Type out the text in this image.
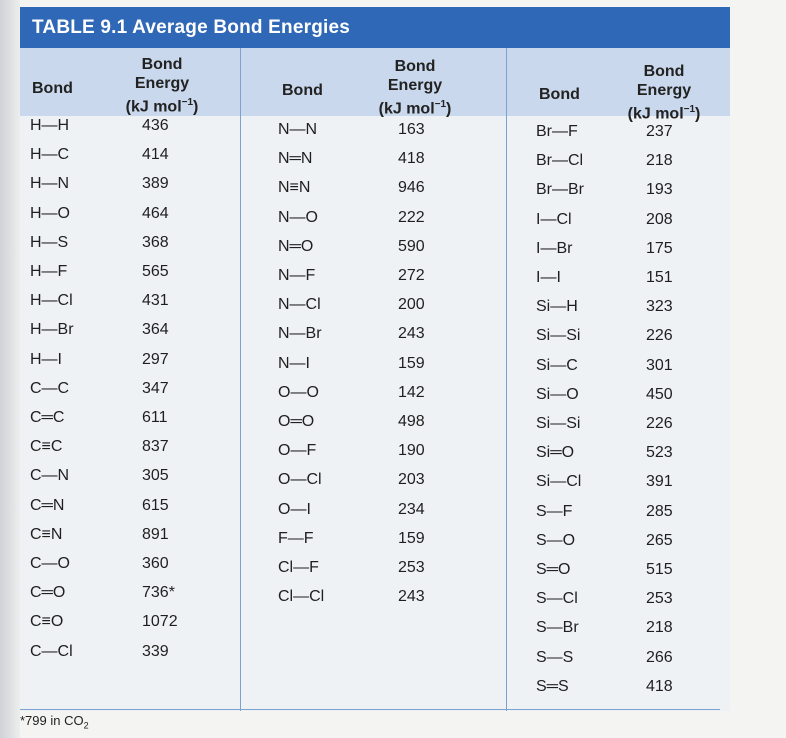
TABLE 9.1 Average Bond Energies
Bond
Bond Energy
(kJ mol$^{-1}$)
Bond
Bond Energy
(kJ mol$^{-1}$)
Bond
Bond Energy
(kJ mol$^{-1}$)
H—H	436
H—C	414
H—N	389
H—O	464
H—S	368
H—F	565
H—Cl	431
H—Br	364
H—I	297
C—C	347
C═C	611
C≡C	837
C—N	305
C═N	615
C≡N	891
C—O	360
C═O	736*
C≡O	1072
C—Cl	339
N—N	163
N═N	418
N≡N	946
N—O	222
N═O	590
N—F	272
N—Cl	200
N—Br	243
N—I	159
O—O	142
O═O	498
O—F	190
O—Cl	203
O—I	234
F—F	159
Cl—F	253
Cl—Cl	243
Br—F	237
Br—Cl	218
Br—Br	193
I—Cl	208
I—Br	175
I—I	151
Si—H	323
Si—Si	226
Si—C	301
Si—O	450
Si—Si	226
Si═O	523
Si—Cl	391
S—F	285
S—O	265
S═O	515
S—Cl	253
S—Br	218
S—S	266
S═S	418
*799 in $CO_2$
